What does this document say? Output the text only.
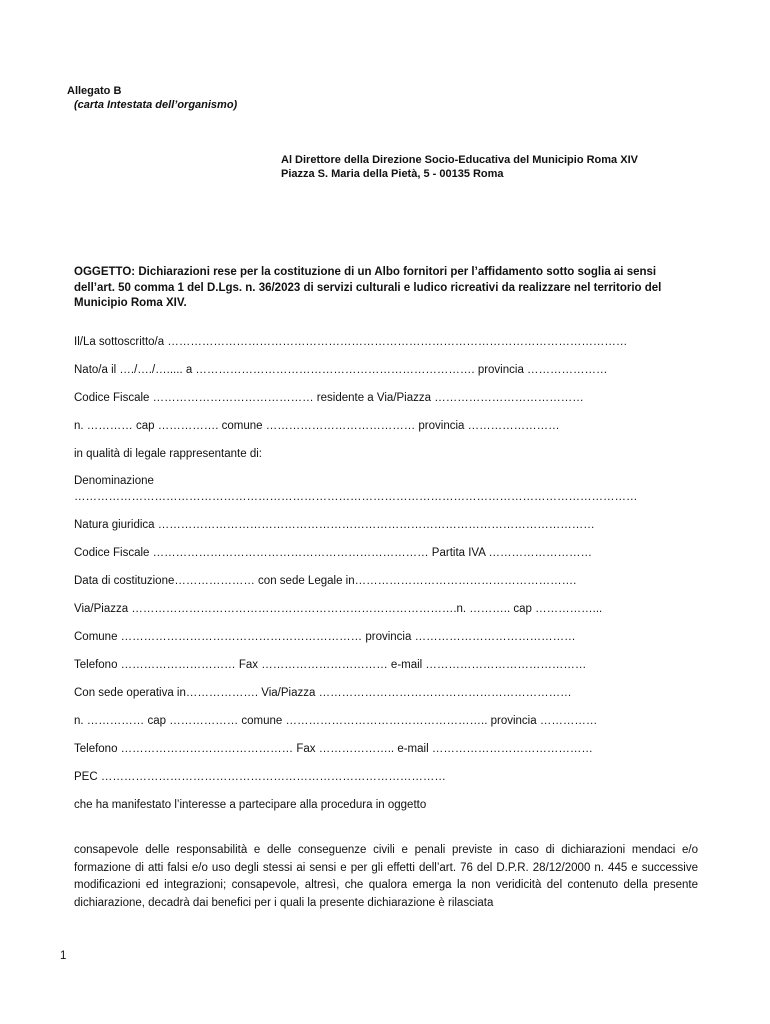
Allegato B
(carta Intestata dell’organismo)
Al Direttore della Direzione Socio-Educativa del Municipio Roma XIV
Piazza S. Maria della Pietà, 5 - 00135 Roma
OGGETTO: Dichiarazioni rese per la costituzione di un Albo fornitori per l’affidamento sotto soglia ai sensi dell’art. 50 comma 1 del D.Lgs. n. 36/2023 di servizi culturali e ludico ricreativi da realizzare nel territorio del Municipio Roma XIV.
Il/La sottoscritto/a …………………………………………………………………………………………………………
Nato/a il …./…./…..... a ………………………………………………………………. provincia …………………
Codice Fiscale …………………………………… residente a Via/Piazza …………………………………
n. ………… cap ……………. comune ………………………………… provincia ……………………
in qualità di legale rappresentante di:
Denominazione
…………………………………………………………………………………………………………………………………
Natura giuridica ……………………………………………………………………………………………………
Codice Fiscale ……………………………………………………………… Partita IVA ………………………
Data di costituzione………………… con sede Legale in………………………………………………….
Via/Piazza ………………………………………………………………………….n. ……….. cap ……………...
Comune ……………………………………………………… provincia ……………………………………
Telefono ………………………… Fax …………………………… e-mail ……………………………………
Con sede operativa in………………. Via/Piazza …………………………………………………………
n. …………… cap ……………… comune …………………………………………….. provincia ……………
Telefono ……………………………………… Fax ……………….. e-mail ……………………………………
PEC ………………………………………………………………………………
che ha manifestato l’interesse a partecipare alla procedura in oggetto
consapevole delle responsabilità e delle conseguenze civili e penali previste in caso di dichiarazioni mendaci e/o formazione di atti falsi e/o uso degli stessi ai sensi e per gli effetti dell’art. 76 del D.P.R. 28/12/2000 n. 445 e successive modificazioni ed integrazioni; consapevole, altresì, che qualora emerga la non veridicità del contenuto della presente dichiarazione, decadrà dai benefici per i quali la presente dichiarazione è rilasciata
1
